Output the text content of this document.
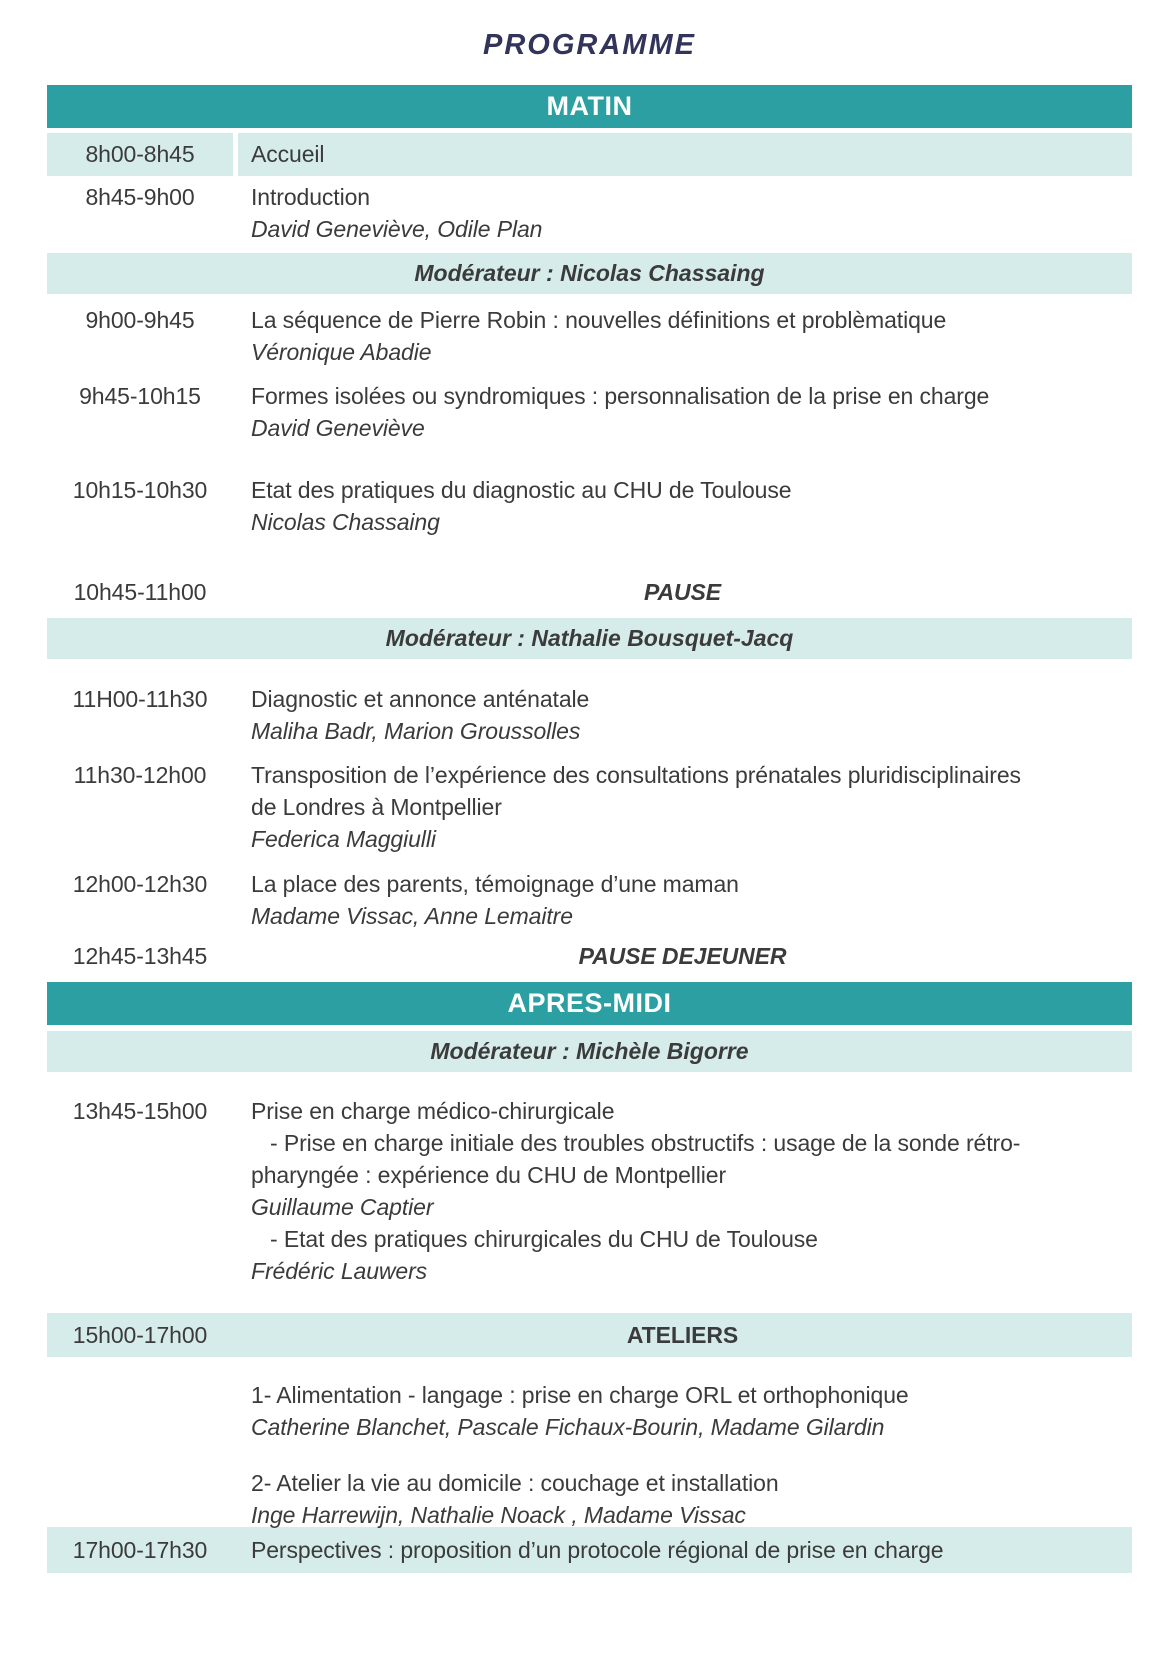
PROGRAMME
MATIN
8h00-8h45	Accueil
8h45-9h00	Introduction
David Geneviève, Odile Plan
Modérateur : Nicolas Chassaing
9h00-9h45	La séquence de Pierre Robin : nouvelles définitions et problèmatique
Véronique Abadie
9h45-10h15	Formes isolées ou syndromiques : personnalisation de la prise en charge
David Geneviève
10h15-10h30	Etat des pratiques du diagnostic au CHU de Toulouse
Nicolas Chassaing
10h45-11h00	PAUSE
Modérateur : Nathalie Bousquet-Jacq
11H00-11h30	Diagnostic et annonce anténatale
Maliha Badr, Marion Groussolles
11h30-12h00	Transposition de l’expérience des consultations prénatales pluridisciplinaires
de Londres à Montpellier
Federica Maggiulli
12h00-12h30	La place des parents, témoignage d’une maman
Madame Vissac, Anne Lemaitre
12h45-13h45	PAUSE DEJEUNER
APRES-MIDI
Modérateur : Michèle Bigorre
13h45-15h00	Prise en charge médico-chirurgicale
- Prise en charge initiale des troubles obstructifs : usage de la sonde rétro-
pharyngée : expérience du CHU de Montpellier
Guillaume Captier
- Etat des pratiques chirurgicales du CHU de Toulouse
Frédéric Lauwers
15h00-17h00	ATELIERS
1- Alimentation - langage : prise en charge ORL et orthophonique
Catherine Blanchet, Pascale Fichaux-Bourin, Madame Gilardin
2- Atelier la vie au domicile : couchage et installation
Inge Harrewijn, Nathalie Noack , Madame Vissac
17h00-17h30	Perspectives : proposition d’un protocole régional de prise en charge
